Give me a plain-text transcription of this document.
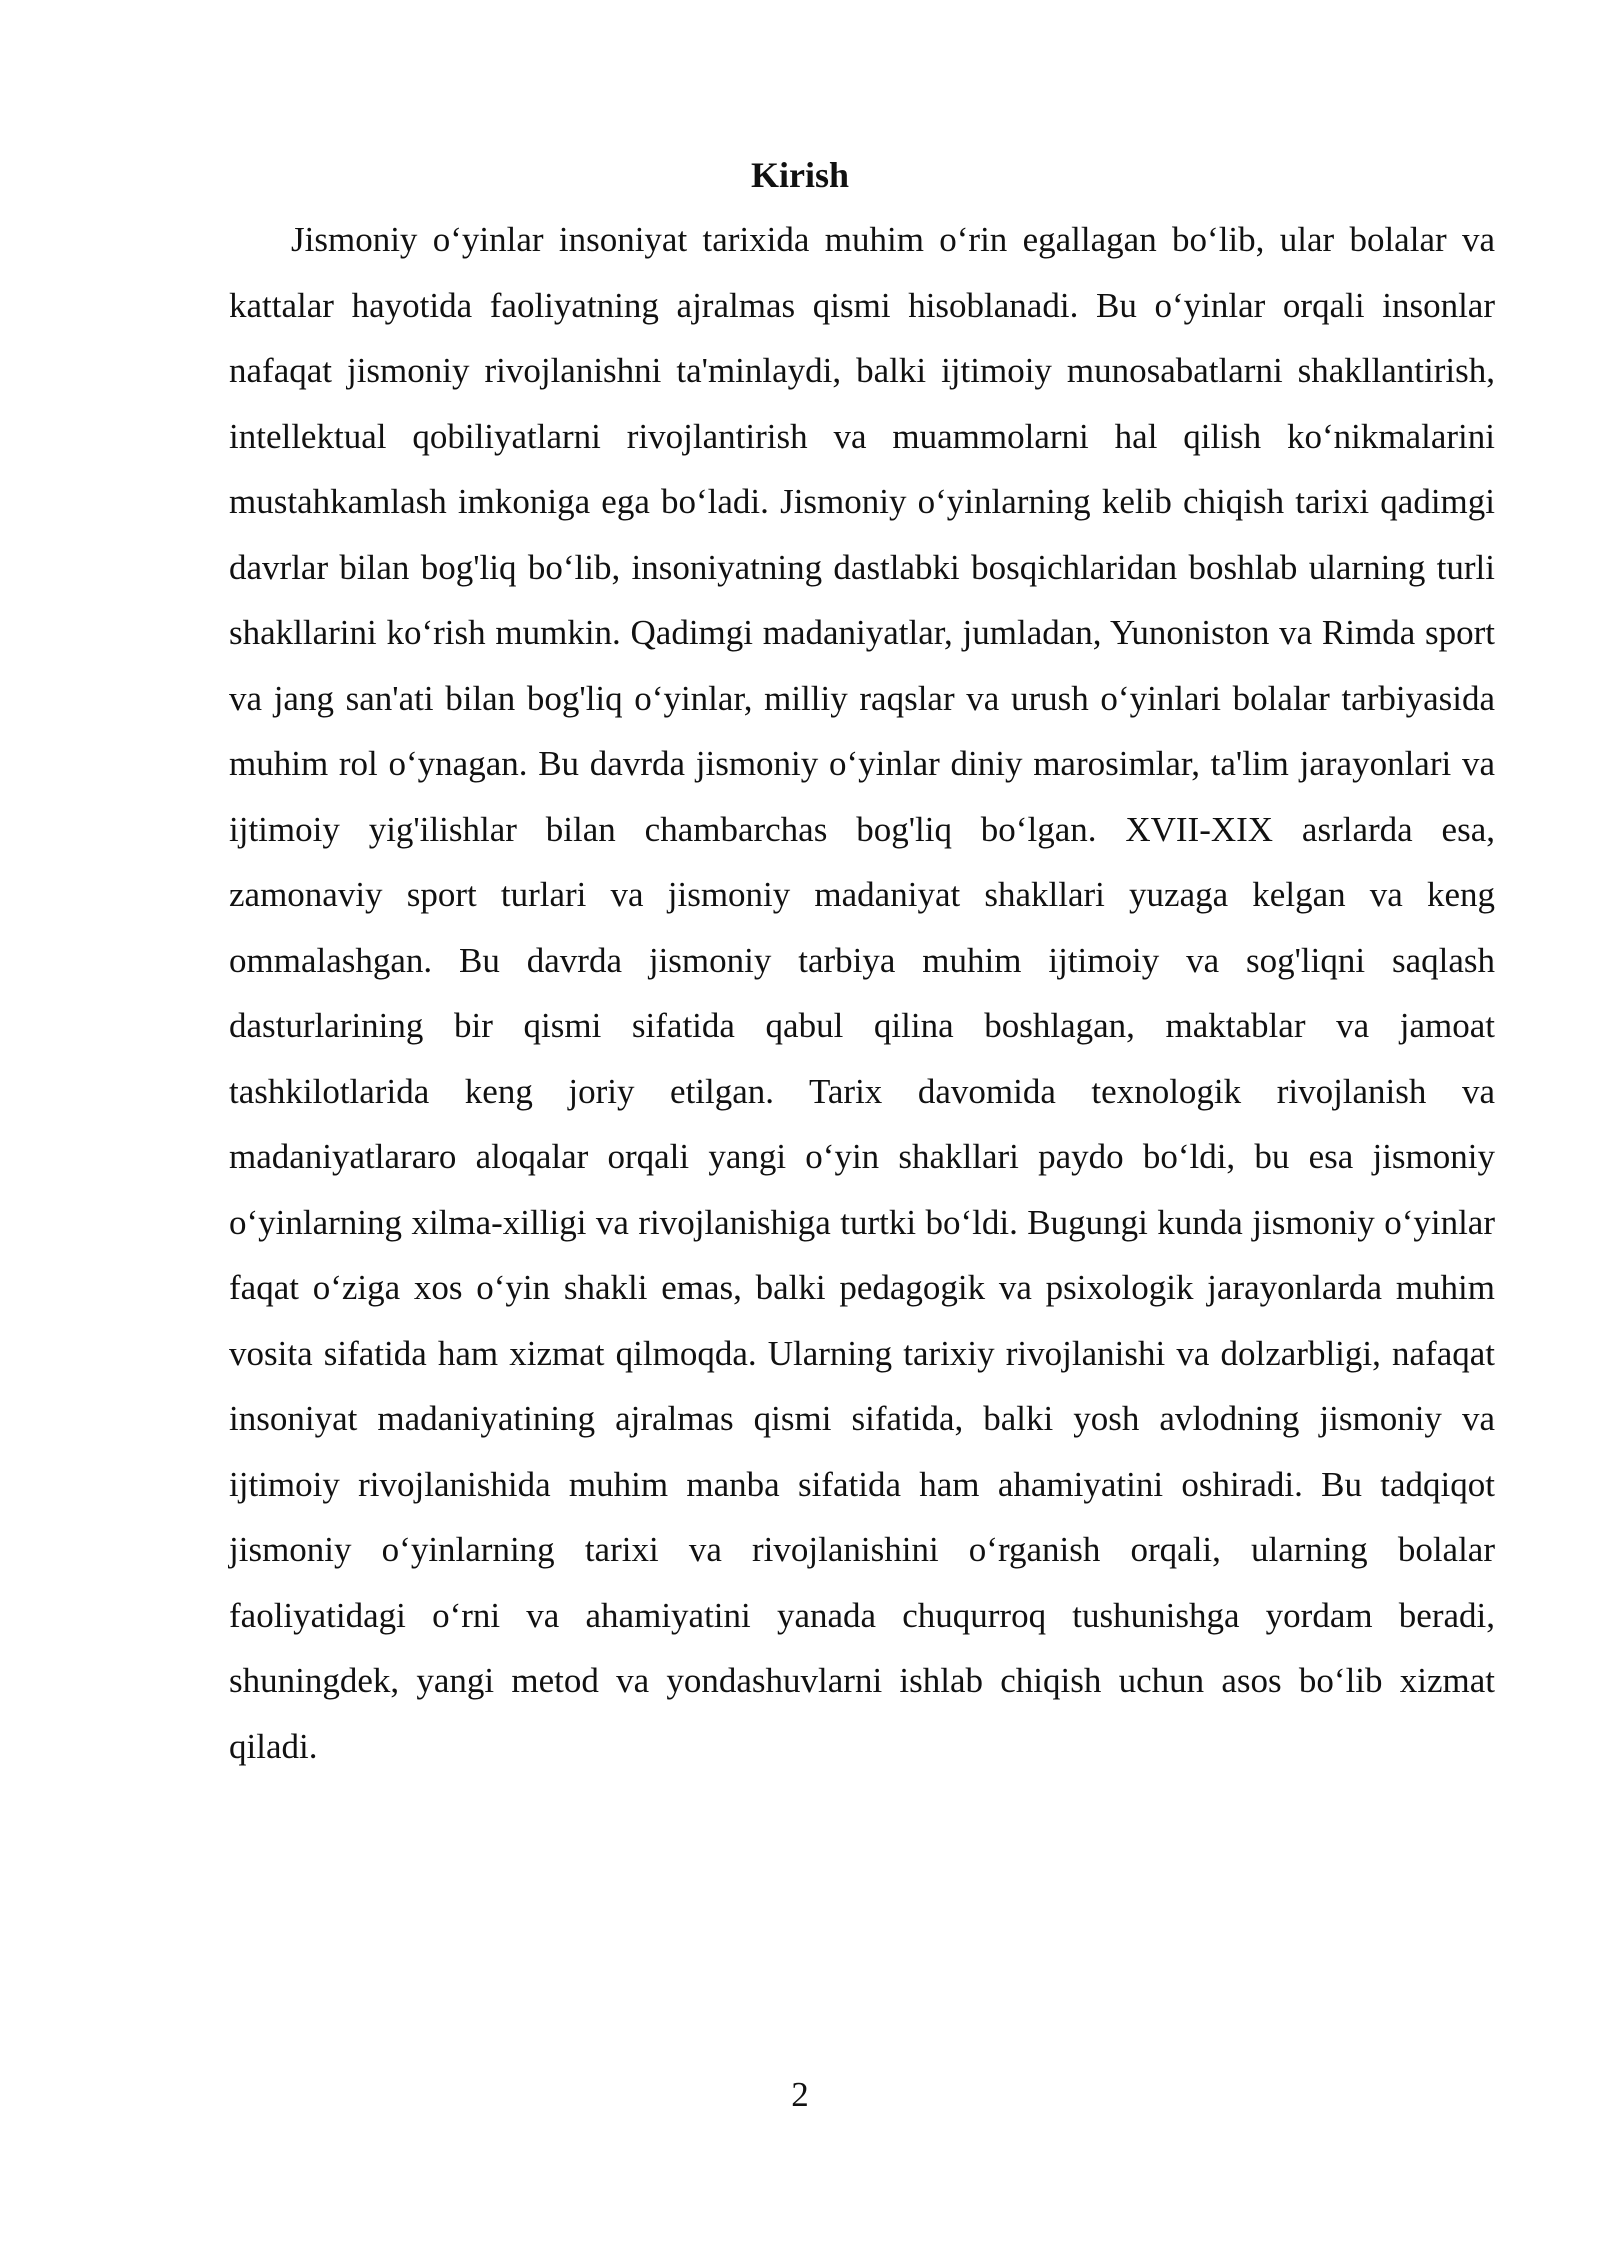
Kirish

Jismoniy o‘yinlar insoniyat tarixida muhim o‘rin egallagan bo‘lib, ular bolalar va kattalar hayotida faoliyatning ajralmas qismi hisoblanadi. Bu o‘yinlar orqali insonlar nafaqat jismoniy rivojlanishni ta'minlaydi, balki ijtimoiy munosabatlarni shakllantirish, intellektual qobiliyatlarni rivojlantirish va muammolarni hal qilish ko‘nikmalarini mustahkamlash imkoniga ega bo‘ladi. Jismoniy o‘yinlarning kelib chiqish tarixi qadimgi davrlar bilan bog'liq bo‘lib, insoniyatning dastlabki bosqichlaridan boshlab ularning turli shakllarini ko‘rish mumkin. Qadimgi madaniyatlar, jumladan, Yunoniston va Rimda sport va jang san'ati bilan bog'liq o‘yinlar, milliy raqslar va urush o‘yinlari bolalar tarbiyasida muhim rol o‘ynagan. Bu davrda jismoniy o‘yinlar diniy marosimlar, ta'lim jarayonlari va ijtimoiy yig'ilishlar bilan chambarchas bog'liq bo‘lgan. XVII-XIX asrlarda esa, zamonaviy sport turlari va jismoniy madaniyat shakllari yuzaga kelgan va keng ommalashgan. Bu davrda jismoniy tarbiya muhim ijtimoiy va sog'liqni saqlash dasturlarining bir qismi sifatida qabul qilina boshlagan, maktablar va jamoat tashkilotlarida keng joriy etilgan. Tarix davomida texnologik rivojlanish va madaniyatlararo aloqalar orqali yangi o‘yin shakllari paydo bo‘ldi, bu esa jismoniy o‘yinlarning xilma-xilligi va rivojlanishiga turtki bo‘ldi. Bugungi kunda jismoniy o‘yinlar faqat o‘ziga xos o‘yin shakli emas, balki pedagogik va psixologik jarayonlarda muhim vosita sifatida ham xizmat qilmoqda. Ularning tarixiy rivojlanishi va dolzarbligi, nafaqat insoniyat madaniyatining ajralmas qismi sifatida, balki yosh avlodning jismoniy va ijtimoiy rivojlanishida muhim manba sifatida ham ahamiyatini oshiradi. Bu tadqiqot jismoniy o‘yinlarning tarixi va rivojlanishini o‘rganish orqali, ularning bolalar faoliyatidagi o‘rni va ahamiyatini yanada chuqurroq tushunishga yordam beradi, shuningdek, yangi metod va yondashuvlarni ishlab chiqish uchun asos bo‘lib xizmat qiladi.

2
